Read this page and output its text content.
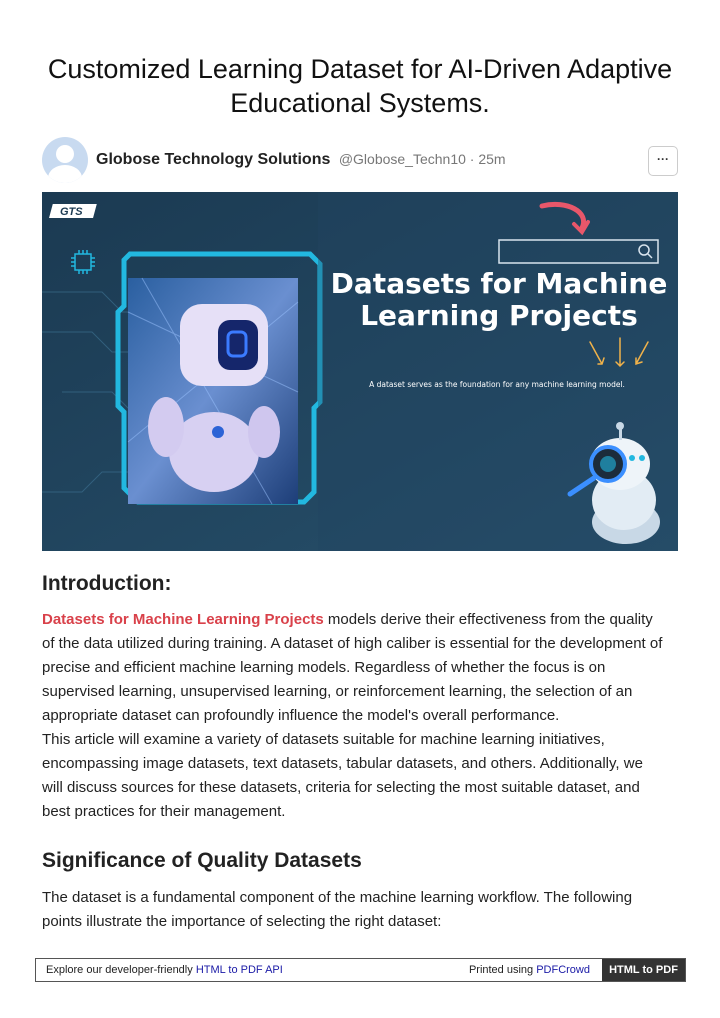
Customized Learning Dataset for AI-Driven Adaptive Educational Systems.
Globose Technology Solutions @Globose_Techn10 · 25m	···
GTS
Datasets for Machine
Learning Projects
A dataset serves as the foundation for any machine learning model.
Introduction:
Datasets for Machine Learning Projects models derive their effectiveness from the quality
of the data utilized during training. A dataset of high caliber is essential for the development of
precise and efficient machine learning models. Regardless of whether the focus is on
supervised learning, unsupervised learning, or reinforcement learning, the selection of an
appropriate dataset can profoundly influence the model's overall performance.
This article will examine a variety of datasets suitable for machine learning initiatives,
encompassing image datasets, text datasets, tabular datasets, and others. Additionally, we
will discuss sources for these datasets, criteria for selecting the most suitable dataset, and
best practices for their management.
Significance of Quality Datasets
The dataset is a fundamental component of the machine learning workflow. The following
points illustrate the importance of selecting the right dataset:
Explore our developer-friendly HTML to PDF API	Printed using PDFCrowd	HTML to PDF
